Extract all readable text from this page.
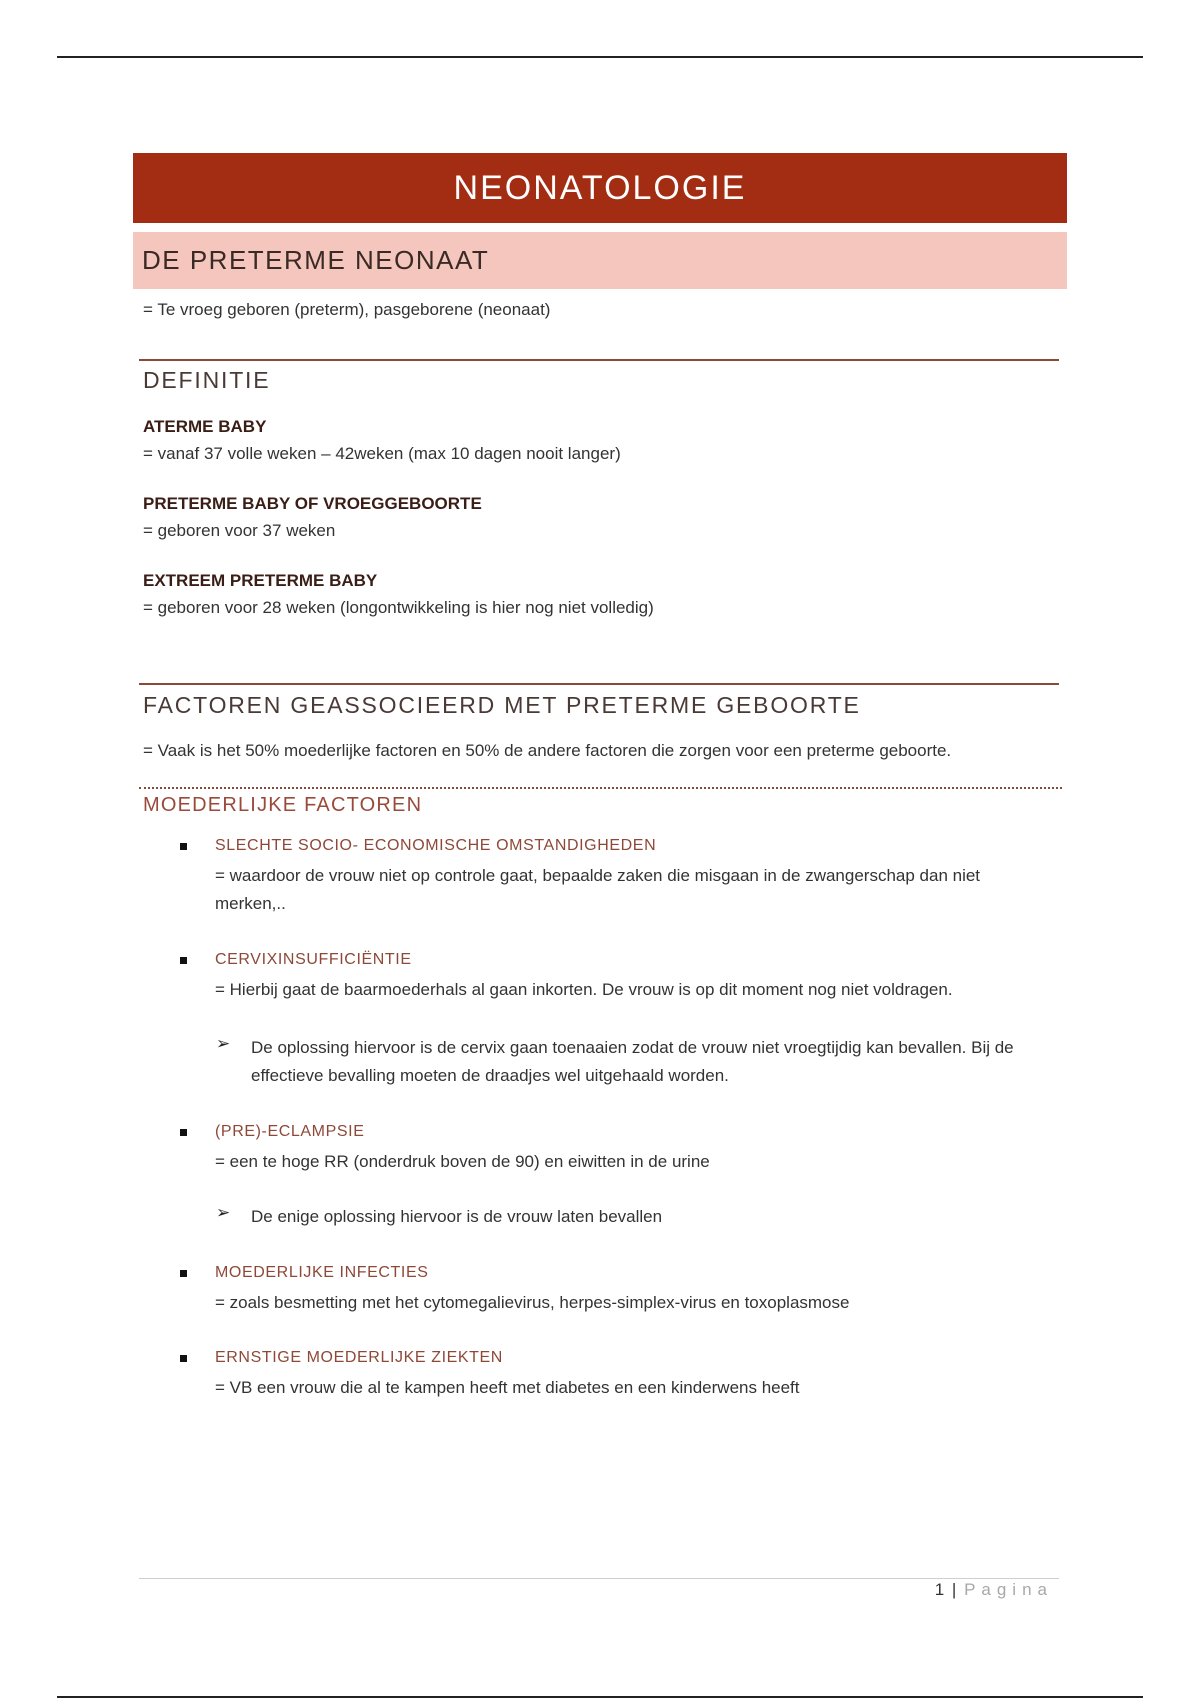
NEONATOLOGIE
DE PRETERME NEONAAT
= Te vroeg geboren (preterm), pasgeborene (neonaat)
DEFINITIE
ATERME BABY
= vanaf 37 volle weken – 42weken (max 10 dagen nooit langer)
PRETERME BABY OF VROEGGEBOORTE
= geboren voor 37 weken
EXTREEM PRETERME BABY
= geboren voor 28 weken (longontwikkeling is hier nog niet volledig)
FACTOREN GEASSOCIEERD MET PRETERME GEBOORTE
= Vaak is het 50% moederlijke factoren en 50% de andere factoren die zorgen voor een preterme geboorte.
MOEDERLIJKE FACTOREN
SLECHTE SOCIO- ECONOMISCHE OMSTANDIGHEDEN
= waardoor de vrouw niet op controle gaat, bepaalde zaken die misgaan in de zwangerschap dan niet merken,..
CERVIXINSUFFICIËNTIE
= Hierbij gaat de baarmoederhals al gaan inkorten. De vrouw is op dit moment nog niet voldragen.
➢ De oplossing hiervoor is de cervix gaan toenaaien zodat de vrouw niet vroegtijdig kan bevallen. Bij de effectieve bevalling moeten de draadjes wel uitgehaald worden.
(PRE)-ECLAMPSIE
= een te hoge RR (onderdruk boven de 90) en eiwitten in de urine
➢ De enige oplossing hiervoor is de vrouw laten bevallen
MOEDERLIJKE INFECTIES
= zoals besmetting met het cytomegalievirus, herpes-simplex-virus en toxoplasmose
ERNSTIGE MOEDERLIJKE ZIEKTEN
= VB een vrouw die al te kampen heeft met diabetes en een kinderwens heeft
1 | Pagina
